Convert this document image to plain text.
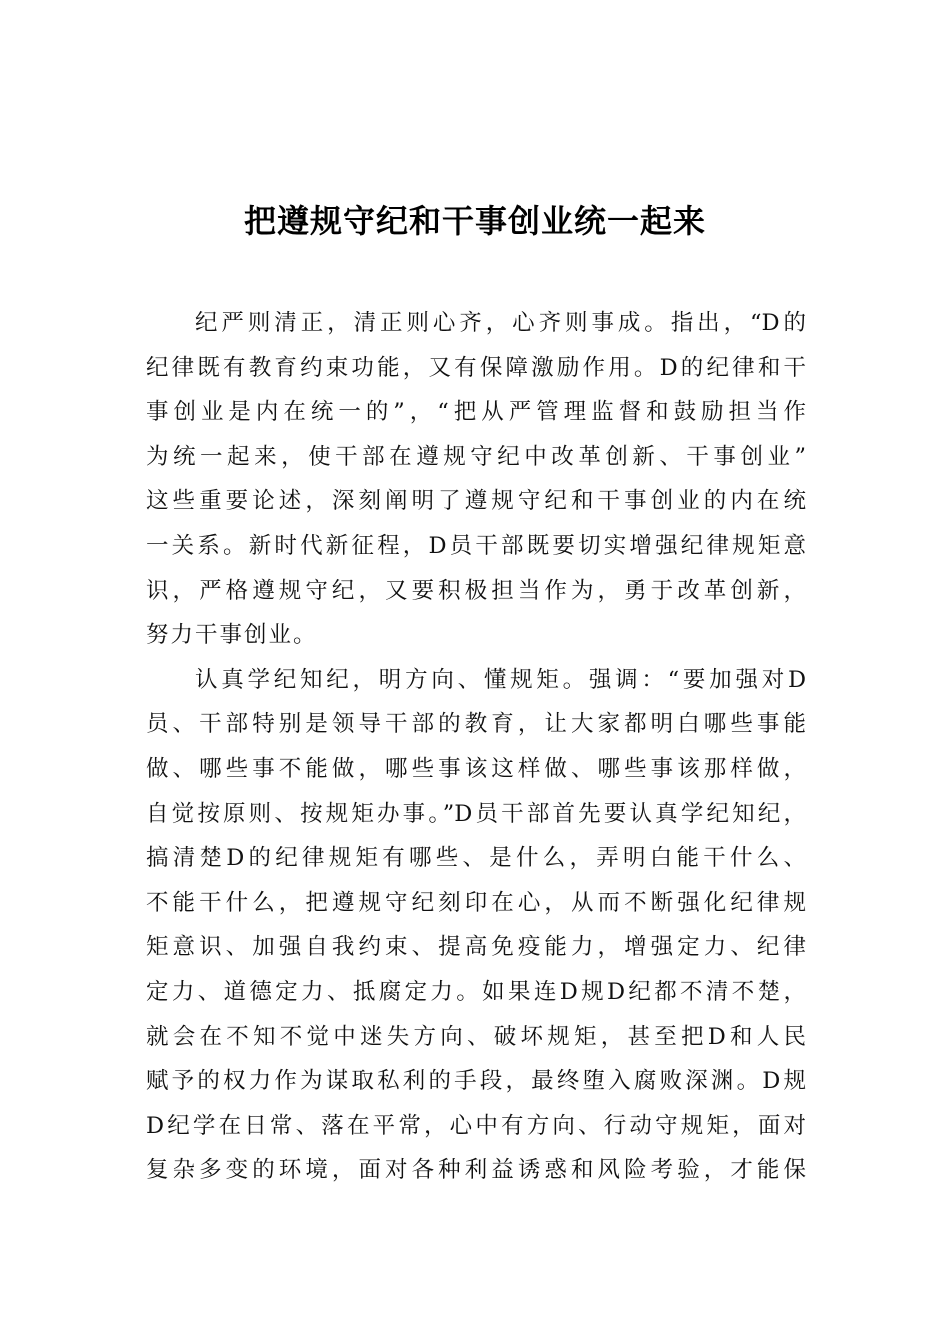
把遵规守纪和干事创业统一起来
纪严则清正，清正则心齐，心齐则事成。指出，“D的
纪律既有教育约束功能，又有保障激励作用。D的纪律和干
事创业是内在统一的”，“把从严管理监督和鼓励担当作
为统一起来，使干部在遵规守纪中改革创新、干事创业”
这些重要论述，深刻阐明了遵规守纪和干事创业的内在统
一关系。新时代新征程，D员干部既要切实增强纪律规矩意
识，严格遵规守纪，又要积极担当作为，勇于改革创新，
努力干事创业。
认真学纪知纪，明方向、懂规矩。强调：“要加强对D
员、干部特别是领导干部的教育，让大家都明白哪些事能
做、哪些事不能做，哪些事该这样做、哪些事该那样做，
自觉按原则、按规矩办事。”D员干部首先要认真学纪知纪，
搞清楚D的纪律规矩有哪些、是什么，弄明白能干什么、
不能干什么，把遵规守纪刻印在心，从而不断强化纪律规
矩意识、加强自我约束、提高免疫能力，增强定力、纪律
定力、道德定力、抵腐定力。如果连D规D纪都不清不楚，
就会在不知不觉中迷失方向、破坏规矩，甚至把D和人民
赋予的权力作为谋取私利的手段，最终堕入腐败深渊。D规
D纪学在日常、落在平常，心中有方向、行动守规矩，面对
复杂多变的环境，面对各种利益诱惑和风险考验，才能保
